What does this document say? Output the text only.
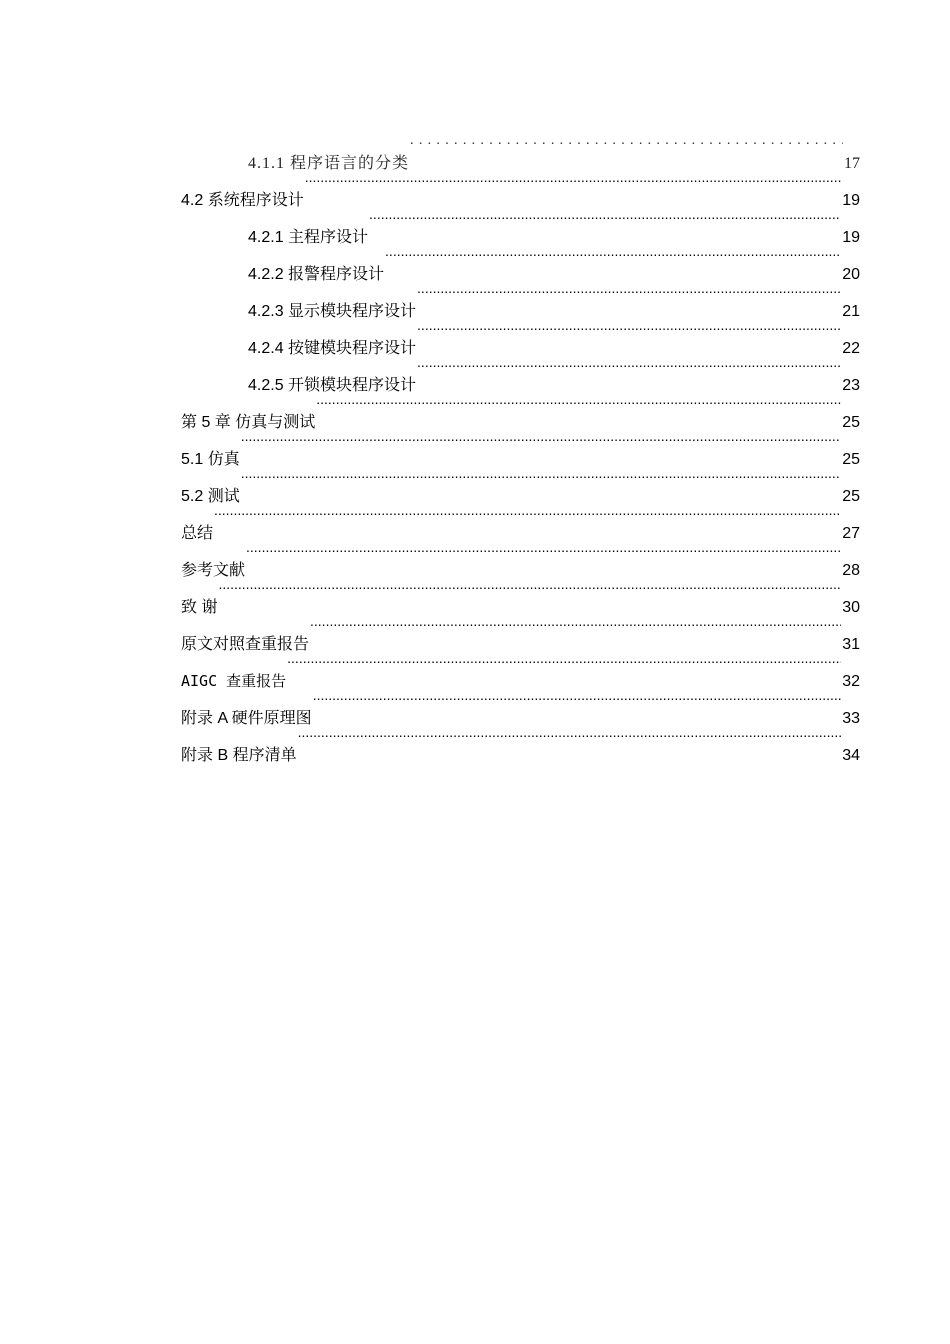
4.1.1 程序语言的分类 .....	17
4.2 系统程序设计 .....	19
4.2.1 主程序设计 .....	19
4.2.2 报警程序设计 .....	20
4.2.3 显示模块程序设计 .....	21
4.2.4 按键模块程序设计 .....	22
4.2.5 开锁模块程序设计 .....	23
第 5 章 仿真与测试 .....	25
5.1 仿真 .....	25
5.2 测试 .....	25
总结 .....	27
参考文献 .....	28
致 谢 .....	30
原文对照查重报告 .....	31
AIGC 查重报告 .....	32
附录 A 硬件原理图 .....	33
附录 B 程序清单 .....	34
